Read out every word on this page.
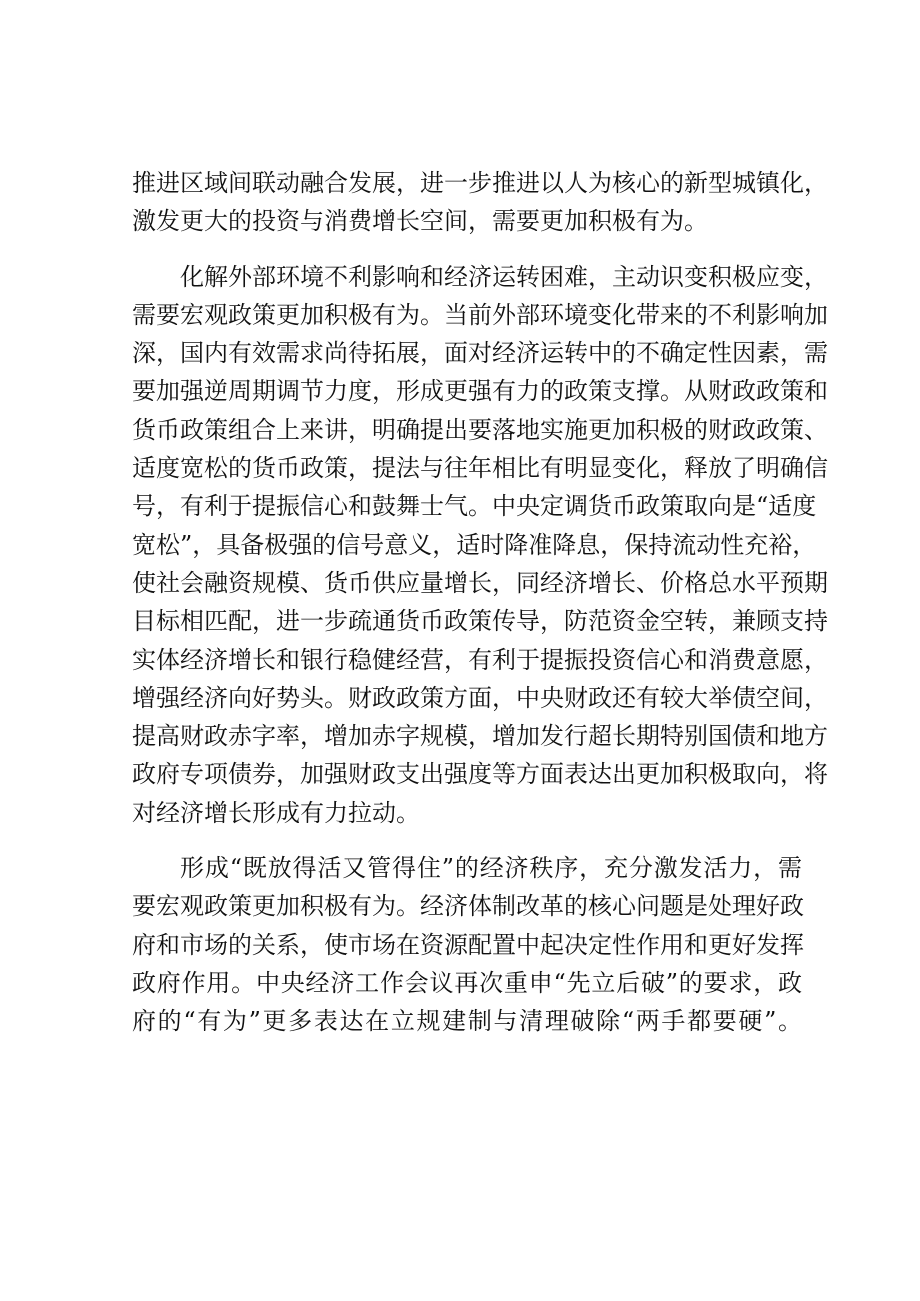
推进区域间联动融合发展，进一步推进以人为核心的新型城镇化，
激发更大的投资与消费增长空间，需要更加积极有为。
化解外部环境不利影响和经济运转困难，主动识变积极应变，
需要宏观政策更加积极有为。当前外部环境变化带来的不利影响加
深，国内有效需求尚待拓展，面对经济运转中的不确定性因素，需
要加强逆周期调节力度，形成更强有力的政策支撑。从财政政策和
货币政策组合上来讲，明确提出要落地实施更加积极的财政政策、
适度宽松的货币政策，提法与往年相比有明显变化，释放了明确信
号，有利于提振信心和鼓舞士气。中央定调货币政策取向是“适度
宽松”，具备极强的信号意义，适时降准降息，保持流动性充裕，
使社会融资规模、货币供应量增长，同经济增长、价格总水平预期
目标相匹配，进一步疏通货币政策传导，防范资金空转，兼顾支持
实体经济增长和银行稳健经营，有利于提振投资信心和消费意愿，
增强经济向好势头。财政政策方面，中央财政还有较大举债空间，
提高财政赤字率，增加赤字规模，增加发行超长期特别国债和地方
政府专项债券，加强财政支出强度等方面表达出更加积极取向，将
对经济增长形成有力拉动。
形成“既放得活又管得住”的经济秩序，充分激发活力，需
要宏观政策更加积极有为。经济体制改革的核心问题是处理好政
府和市场的关系，使市场在资源配置中起决定性作用和更好发挥
政府作用。中央经济工作会议再次重申“先立后破”的要求，政
府的“有为”更多表达在立规建制与清理破除“两手都要硬”。
